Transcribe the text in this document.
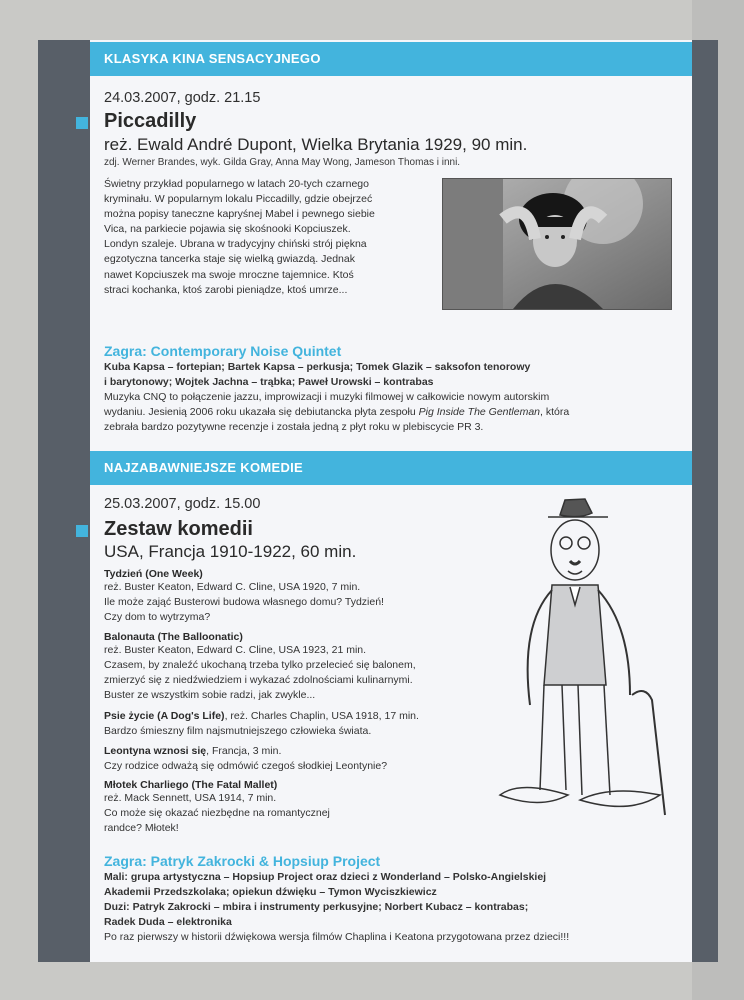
KLASYKA KINA SENSACYJNEGO

24.03.2007, godz. 21.15

Piccadilly

reż. Ewald André Dupont, Wielka Brytania 1929, 90 min.

zdj. Werner Brandes, wyk. Gilda Gray, Anna May Wong, Jameson Thomas i inni.

Świetny przykład popularnego w latach 20-tych czarnego
kryminału. W popularnym lokalu Piccadilly, gdzie obejrzeć
można popisy taneczne kapryśnej Mabel i pewnego siebie
Vica, na parkiecie pojawia się skośnooki Kopciuszek.
Londyn szaleje. Ubrana w tradycyjny chiński strój piękna
egzotyczna tancerka staje się wielką gwiazdą. Jednak
nawet Kopciuszek ma swoje mroczne tajemnice. Ktoś
straci kochanka, ktoś zarobi pieniądze, ktoś umrze...

Zagra: Contemporary Noise Quintet

Kuba Kapsa – fortepian; Bartek Kapsa – perkusja; Tomek Glazik – saksofon tenorowy
i barytonowy; Wojtek Jachna – trąbka; Paweł Urowski – kontrabas
Muzyka CNQ to połączenie jazzu, improwizacji i muzyki filmowej w całkowicie nowym autorskim
wydaniu. Jesienią 2006 roku ukazała się debiutancka płyta zespołu Pig Inside The Gentleman, która
zebrała bardzo pozytywne recenzje i została jedną z płyt roku w plebiscycie PR 3.
NAJZABAWNIEJSZE KOMEDIE

25.03.2007, godz. 15.00

Zestaw komedii

USA, Francja 1910-1922, 60 min.

Tydzień (One Week)
reż. Buster Keaton, Edward C. Cline, USA 1920, 7 min.
Ile może zająć Busterowi budowa własnego domu? Tydzień!
Czy dom to wytrzyma?
Balonauta (The Balloonatic)
reż. Buster Keaton, Edward C. Cline, USA 1923, 21 min.
Czasem, by znaleźć ukochaną trzeba tylko przelecieć się balonem,
zmierzyć się z niedźwiedziem i wykazać zdolnościami kulinarnymi.
Buster ze wszystkim sobie radzi, jak zwykle...
Psie życie (A Dog's Life), reż. Charles Chaplin, USA 1918, 17 min.
Bardzo śmieszny film najsmutniejszego człowieka świata.
Leontyna wznosi się, Francja, 3 min.
Czy rodzice odważą się odmówić czegoś słodkiej Leontynie?
Młotek Charliego (The Fatal Mallet)
reż. Mack Sennett, USA 1914, 7 min.
Co może się okazać niezbędne na romantycznej
randce? Młotek!

Zagra: Patryk Zakrocki & Hopsiup Project

Mali: grupa artystyczna – Hopsiup Project oraz dzieci z Wonderland – Polsko-Angielskiej
Akademii Przedszkolaka; opiekun dźwięku – Tymon Wyciszkiewicz
Duzi: Patryk Zakrocki – mbira i instrumenty perkusyjne; Norbert Kubacz – kontrabas;
Radek Duda – elektronika

Po raz pierwszy w historii dźwiękowa wersja filmów Chaplina i Keatona przygotowana przez dzieci!!!
